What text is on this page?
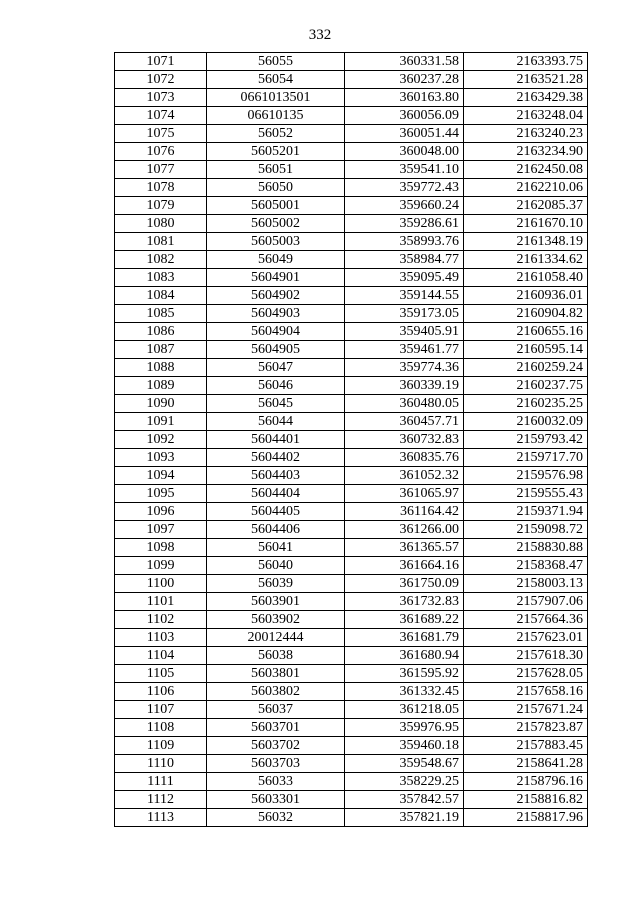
332
1071	56055	360331.58	2163393.75
1072	56054	360237.28	2163521.28
1073	0661013501	360163.80	2163429.38
1074	06610135	360056.09	2163248.04
1075	56052	360051.44	2163240.23
1076	5605201	360048.00	2163234.90
1077	56051	359541.10	2162450.08
1078	56050	359772.43	2162210.06
1079	5605001	359660.24	2162085.37
1080	5605002	359286.61	2161670.10
1081	5605003	358993.76	2161348.19
1082	56049	358984.77	2161334.62
1083	5604901	359095.49	2161058.40
1084	5604902	359144.55	2160936.01
1085	5604903	359173.05	2160904.82
1086	5604904	359405.91	2160655.16
1087	5604905	359461.77	2160595.14
1088	56047	359774.36	2160259.24
1089	56046	360339.19	2160237.75
1090	56045	360480.05	2160235.25
1091	56044	360457.71	2160032.09
1092	5604401	360732.83	2159793.42
1093	5604402	360835.76	2159717.70
1094	5604403	361052.32	2159576.98
1095	5604404	361065.97	2159555.43
1096	5604405	361164.42	2159371.94
1097	5604406	361266.00	2159098.72
1098	56041	361365.57	2158830.88
1099	56040	361664.16	2158368.47
1100	56039	361750.09	2158003.13
1101	5603901	361732.83	2157907.06
1102	5603902	361689.22	2157664.36
1103	20012444	361681.79	2157623.01
1104	56038	361680.94	2157618.30
1105	5603801	361595.92	2157628.05
1106	5603802	361332.45	2157658.16
1107	56037	361218.05	2157671.24
1108	5603701	359976.95	2157823.87
1109	5603702	359460.18	2157883.45
1110	5603703	359548.67	2158641.28
1111	56033	358229.25	2158796.16
1112	5603301	357842.57	2158816.82
1113	56032	357821.19	2158817.96
